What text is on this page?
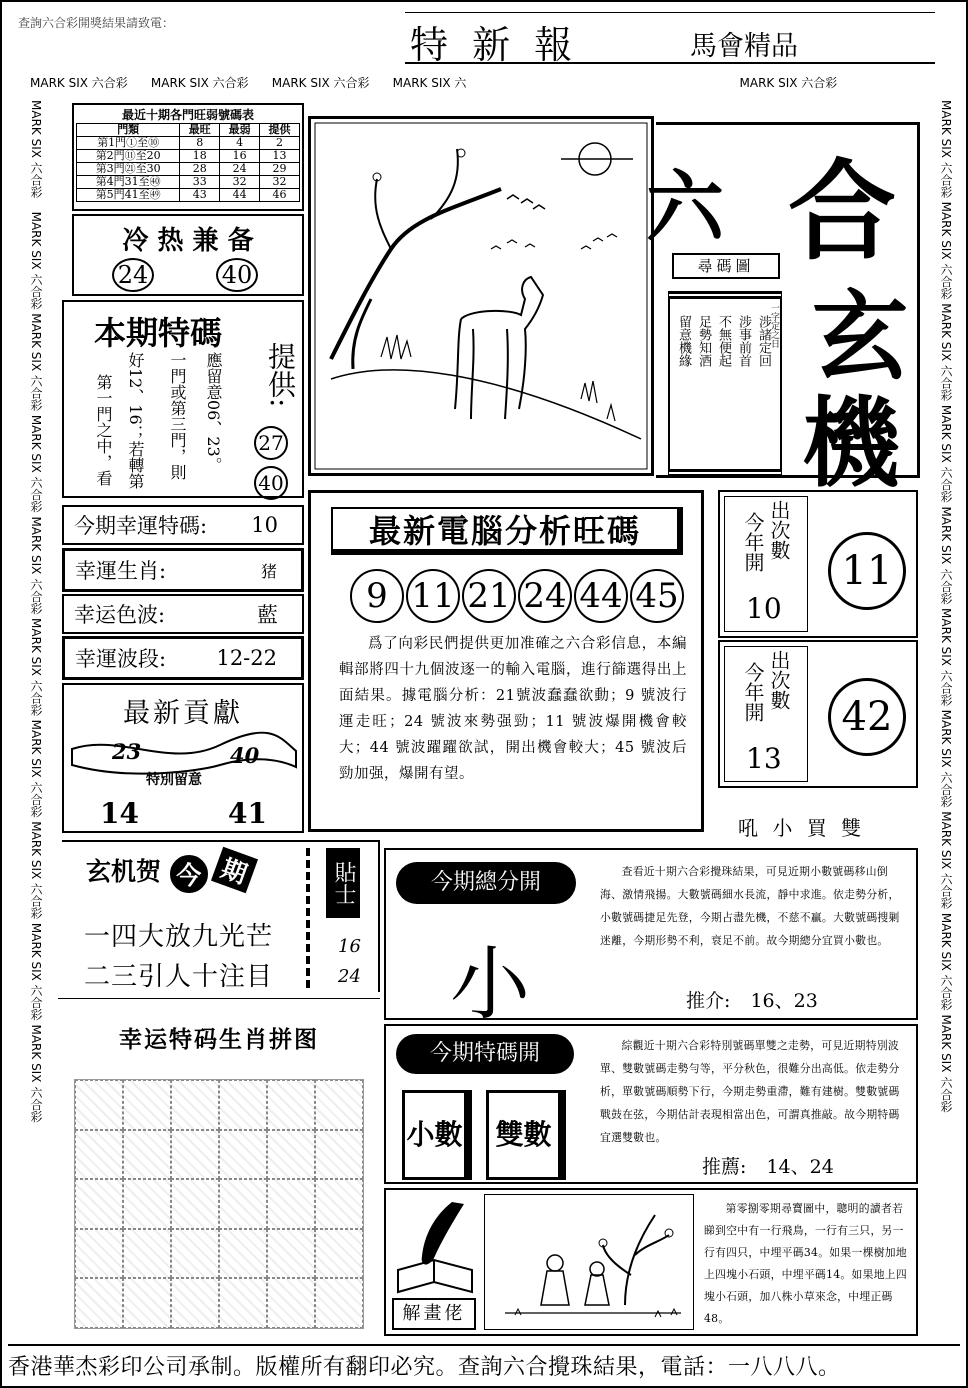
查詢六合彩開獎結果請致電：	特 新 報	馬會精品
MARK SIX 六合彩 MARK SIX 六合彩 MARK SIX 六合彩 MARK SIX 六	MARK SIX 六合彩
MARK SIX 六合彩 MARK SIX 六合彩 MARK SIX 六合彩 MARK SIX 六合彩 MARK SIX 六合彩 MARK SIX 六合彩 MARK SIX 六合彩 MARK SIX 六合彩 MARK SIX 六合彩 MARK SIX 六合彩
MARK SIX 六合彩 MARK SIX 六合彩 MARK SIX 六合彩 MARK SIX 六合彩 MARK SIX 六合彩 MARK SIX 六合彩 MARK SIX 六合彩 MARK SIX 六合彩 MARK SIX 六合彩 MARK SIX 六合彩
最近十期各門旺弱號碼表
門類	最旺	最弱	提供
第1門①至⑩	8	4	2
第2門⑪至20	18	16	13
第3門㉑至30	28	24	29
第4門31至㊵	33	32	32
第5門41至㊾	43	44	46
冷 热 兼 备
24	40
本期特碼
提供:
第一門之中，看 好12、16；若轉第 一門或第三門，則 應留意06、23。 27
40
今期幸運特碼: 10
幸運生肖:	猪
幸运色波:	藍
幸運波段: 12-22
最新貢獻
23	40
特別留意
14	41
玄机贺 今 期
一四大放九光芒
二三引人十注目
貼士
16
24
幸运特码生肖拼图
六 合
玄
機
尋碼圖
涉諸定回
涉事前首
不無便起
足勢知酒
留意機緣	一字定之日
最新電腦分析旺碼
9 11 21 24 44 45
爲了向彩民們提供更加准確之六合彩信息，本編輯部將四十九個波逐一的輸入電腦，進行篩選得出上面結果。據電腦分析：21號波蠢蠢欲動；9 號波行運走旺；24 號波來勢强勁；11 號波爆開機會較大；44 號波躍躍欲試，開出機會較大；45 號波后勁加强，爆開有望。
出次數
今年開
10
11
出次數
今年開
13
42
吼 小 買 雙
今期總分開
小
查看近十期六合彩攪珠結果，可見近期小數號碼移山倒海、激情飛揚。大數號碼細水長流，靜中求進。依走勢分析，小數號碼捷足先登，今期占盡先機，不慈不贏。大數號碼搜剿迷離，今期形勢不利，衰足不前。故今期總分宜買小數也。
推介: 16、23
今期特碼開
小數	雙數
綜觀近十期六合彩特別號碼單雙之走勢，可見近期特別波單、雙數號碼走勢勻等，平分秋色，很難分出高低。依走勢分析，單數號碼順勢下行，今期走勢重滯，難有建樹。雙數號碼戰鼓在弦，今期估計表現相當出色，可謂真推敲。故今期特碼宜選雙數也。
推薦: 14、24
解畫佬
第零捌零期尋寶圖中，聰明的讀者若睇到空中有一行飛鳥，一行有三只，另一行有四只，中埋平碼34。如果一棵樹加地上四塊小石頭，中埋平碼14。如果地上四塊小石頭，加八株小草來念，中埋正碼48。
香港華杰彩印公司承制。版權所有翻印必究。查詢六合攪珠結果，電話：一八八八。
